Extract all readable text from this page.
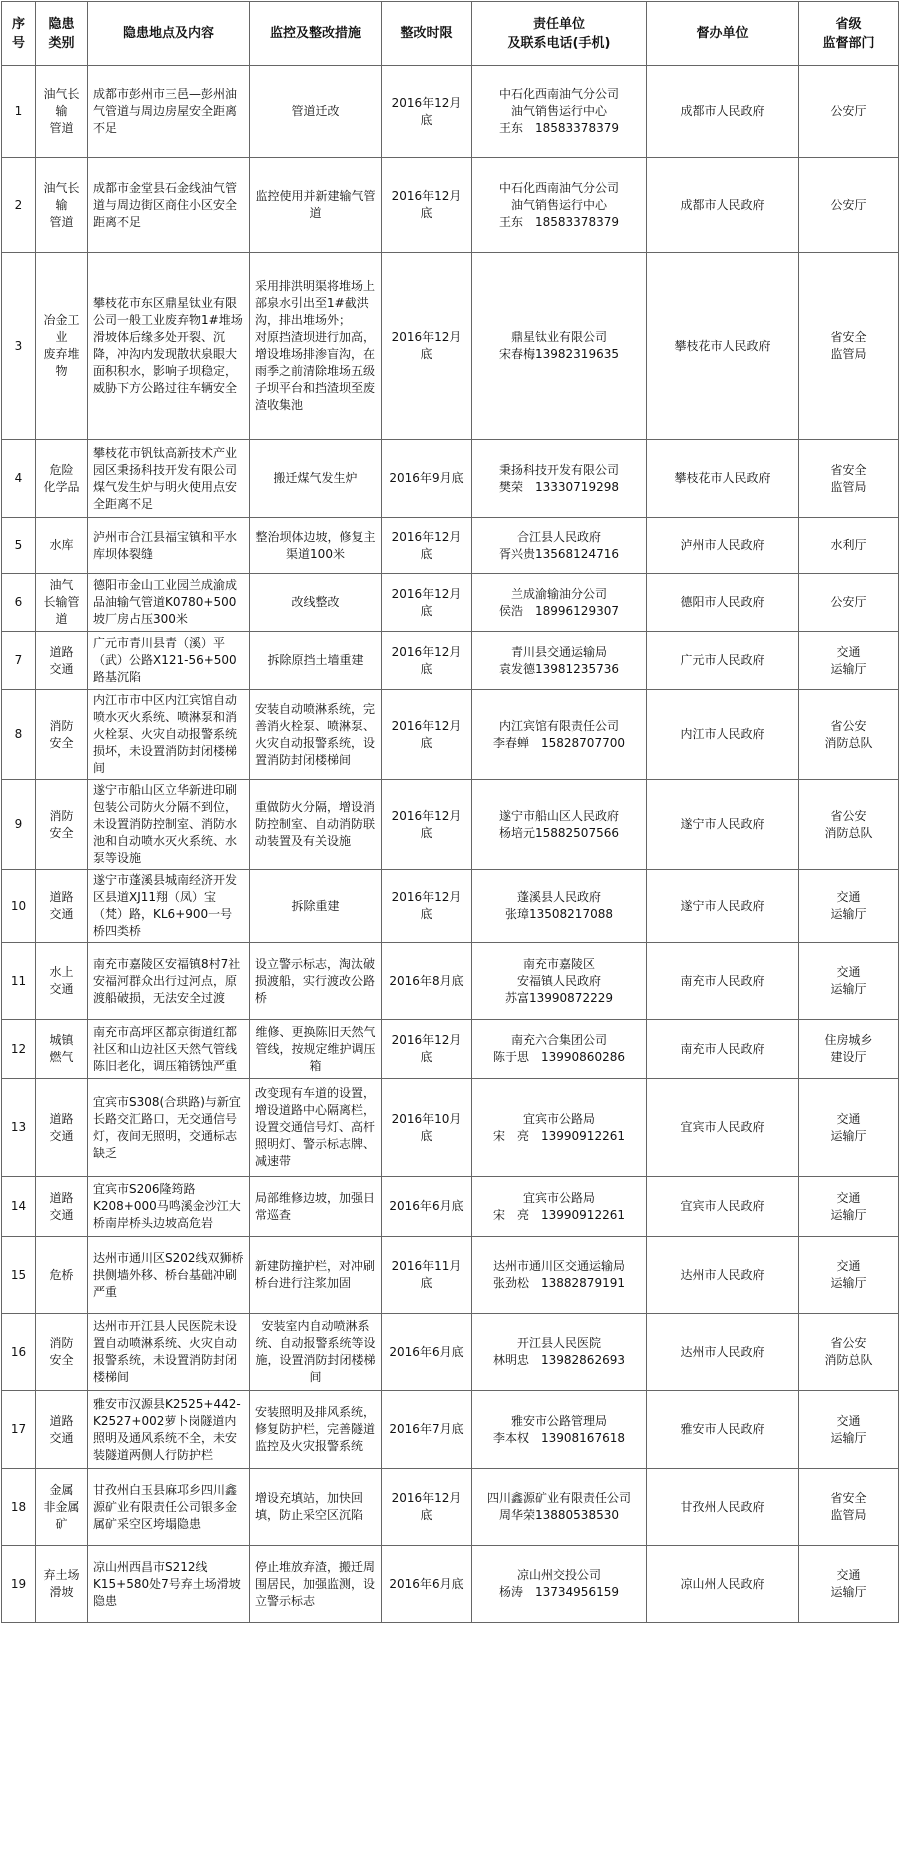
序号	隐患
类别	隐患地点及内容	监控及整改措施	整改时限	责任单位
及联系电话(手机)	督办单位	省级
监督部门
1	油气长输
管道	成都市彭州市三邑—彭州油气管道与周边房屋安全距离不足	管道迁改	2016年12月底	中石化西南油气分公司
油气销售运行中心
王东　18583378379	成都市人民政府	公安厅
2	油气长输
管道	成都市金堂县石金线油气管道与周边街区商住小区安全距离不足	监控使用并新建输气管道	2016年12月底	中石化西南油气分公司
油气销售运行中心
王东　18583378379	成都市人民政府	公安厅
3	冶金工业
废弃堆物	攀枝花市东区鼎星钛业有限公司一般工业废弃物1#堆场滑坡体后缘多处开裂、沉降，冲沟内发现散状泉眼大面积积水，影响子坝稳定，威胁下方公路过往车辆安全	采用排洪明渠将堆场上部泉水引出至1#截洪沟，排出堆场外；
对原挡渣坝进行加高，增设堆场排渗盲沟，在雨季之前清除堆场五级子坝平台和挡渣坝至废渣收集池	2016年12月底	鼎星钛业有限公司
宋春梅13982319635	攀枝花市人民政府	省安全
监管局
4	危险
化学品	攀枝花市钒钛高新技术产业园区秉扬科技开发有限公司煤气发生炉与明火使用点安全距离不足	搬迁煤气发生炉	2016年9月底	秉扬科技开发有限公司
樊荣　13330719298	攀枝花市人民政府	省安全
监管局
5	水库	泸州市合江县福宝镇和平水库坝体裂缝	整治坝体边坡，修复主渠道100米	2016年12月底	合江县人民政府
胥兴贵13568124716	泸州市人民政府	水利厅
6	油气
长输管道	德阳市金山工业园兰成渝成品油输气管道K0780+500坡厂房占压300米	改线整改	2016年12月底	兰成渝输油分公司
侯浩　18996129307	德阳市人民政府	公安厅
7	道路
交通	广元市青川县青（溪）平（武）公路X121-56+500路基沉陷	拆除原挡土墙重建	2016年12月底	青川县交通运输局
袁发德13981235736	广元市人民政府	交通
运输厅
8	消防
安全	内江市市中区内江宾馆自动喷水灭火系统、喷淋泵和消火栓泵、火灾自动报警系统损坏，未设置消防封闭楼梯间	安装自动喷淋系统，完善消火栓泵、喷淋泵、火灾自动报警系统，设置消防封闭楼梯间	2016年12月底	内江宾馆有限责任公司
李春蝉　15828707700	内江市人民政府	省公安
消防总队
9	消防
安全	遂宁市船山区立华新进印刷包装公司防火分隔不到位，未设置消防控制室、消防水池和自动喷水灭火系统、水泵等设施	重做防火分隔，增设消防控制室、自动消防联动装置及有关设施	2016年12月底	遂宁市船山区人民政府
杨培元15882507566	遂宁市人民政府	省公安
消防总队
10	道路
交通	遂宁市蓬溪县城南经济开发区县道XJ11翔（凤）宝（梵）路，KL6+900一号桥四类桥	拆除重建	2016年12月底	蓬溪县人民政府
张璋13508217088	遂宁市人民政府	交通
运输厅
11	水上
交通	南充市嘉陵区安福镇8村7社安福河群众出行过河点，原渡船破损，无法安全过渡	设立警示标志，淘汰破损渡船，实行渡改公路桥	2016年8月底	南充市嘉陵区
安福镇人民政府
苏富13990872229	南充市人民政府	交通
运输厅
12	城镇
燃气	南充市高坪区都京街道红都社区和山边社区天然气管线陈旧老化，调压箱锈蚀严重	维修、更换陈旧天然气管线，按规定维护调压箱	2016年12月底	南充六合集团公司
陈于思　13990860286	南充市人民政府	住房城乡
建设厅
13	道路
交通	宜宾市S308(合珙路)与新宜长路交汇路口，无交通信号灯，夜间无照明，交通标志缺乏	改变现有车道的设置，增设道路中心隔离栏，设置交通信号灯、高杆照明灯、警示标志牌、减速带	2016年10月底	宜宾市公路局
宋　亮　13990912261	宜宾市人民政府	交通
运输厅
14	道路
交通	宜宾市S206隆筠路K208+000马鸣溪金沙江大桥南岸桥头边坡高危岩	局部维修边坡，加强日常巡查	2016年6月底	宜宾市公路局
宋　亮　13990912261	宜宾市人民政府	交通
运输厅
15	危桥	达州市通川区S202线双狮桥拱侧墙外移、桥台基础冲刷严重	新建防撞护栏，对冲刷桥台进行注浆加固	2016年11月底	达州市通川区交通运输局
张劲松　13882879191	达州市人民政府	交通
运输厅
16	消防
安全	达州市开江县人民医院未设置自动喷淋系统、火灾自动报警系统，未设置消防封闭楼梯间	安装室内自动喷淋系统、自动报警系统等设施，设置消防封闭楼梯间	2016年6月底	开江县人民医院
林明忠　13982862693	达州市人民政府	省公安
消防总队
17	道路
交通	雅安市汉源县K2525+442-K2527+002萝卜岗隧道内照明及通风系统不全，未安装隧道两侧人行防护栏	安装照明及排风系统，修复防护栏，完善隧道监控及火灾报警系统	2016年7月底	雅安市公路管理局
李本权　13908167618	雅安市人民政府	交通
运输厅
18	金属
非金属矿	甘孜州白玉县麻邛乡四川鑫源矿业有限责任公司银多金属矿采空区垮塌隐患	增设充填站，加快回填，防止采空区沉陷	2016年12月底	四川鑫源矿业有限责任公司
周华荣13880538530	甘孜州人民政府	省安全
监管局
19	弃土场
滑坡	凉山州西昌市S212线K15+580处7号弃土场滑坡隐患	停止堆放弃渣，搬迁周围居民，加强监测，设立警示标志	2016年6月底	凉山州交投公司
杨涛　13734956159	凉山州人民政府	交通
运输厅
